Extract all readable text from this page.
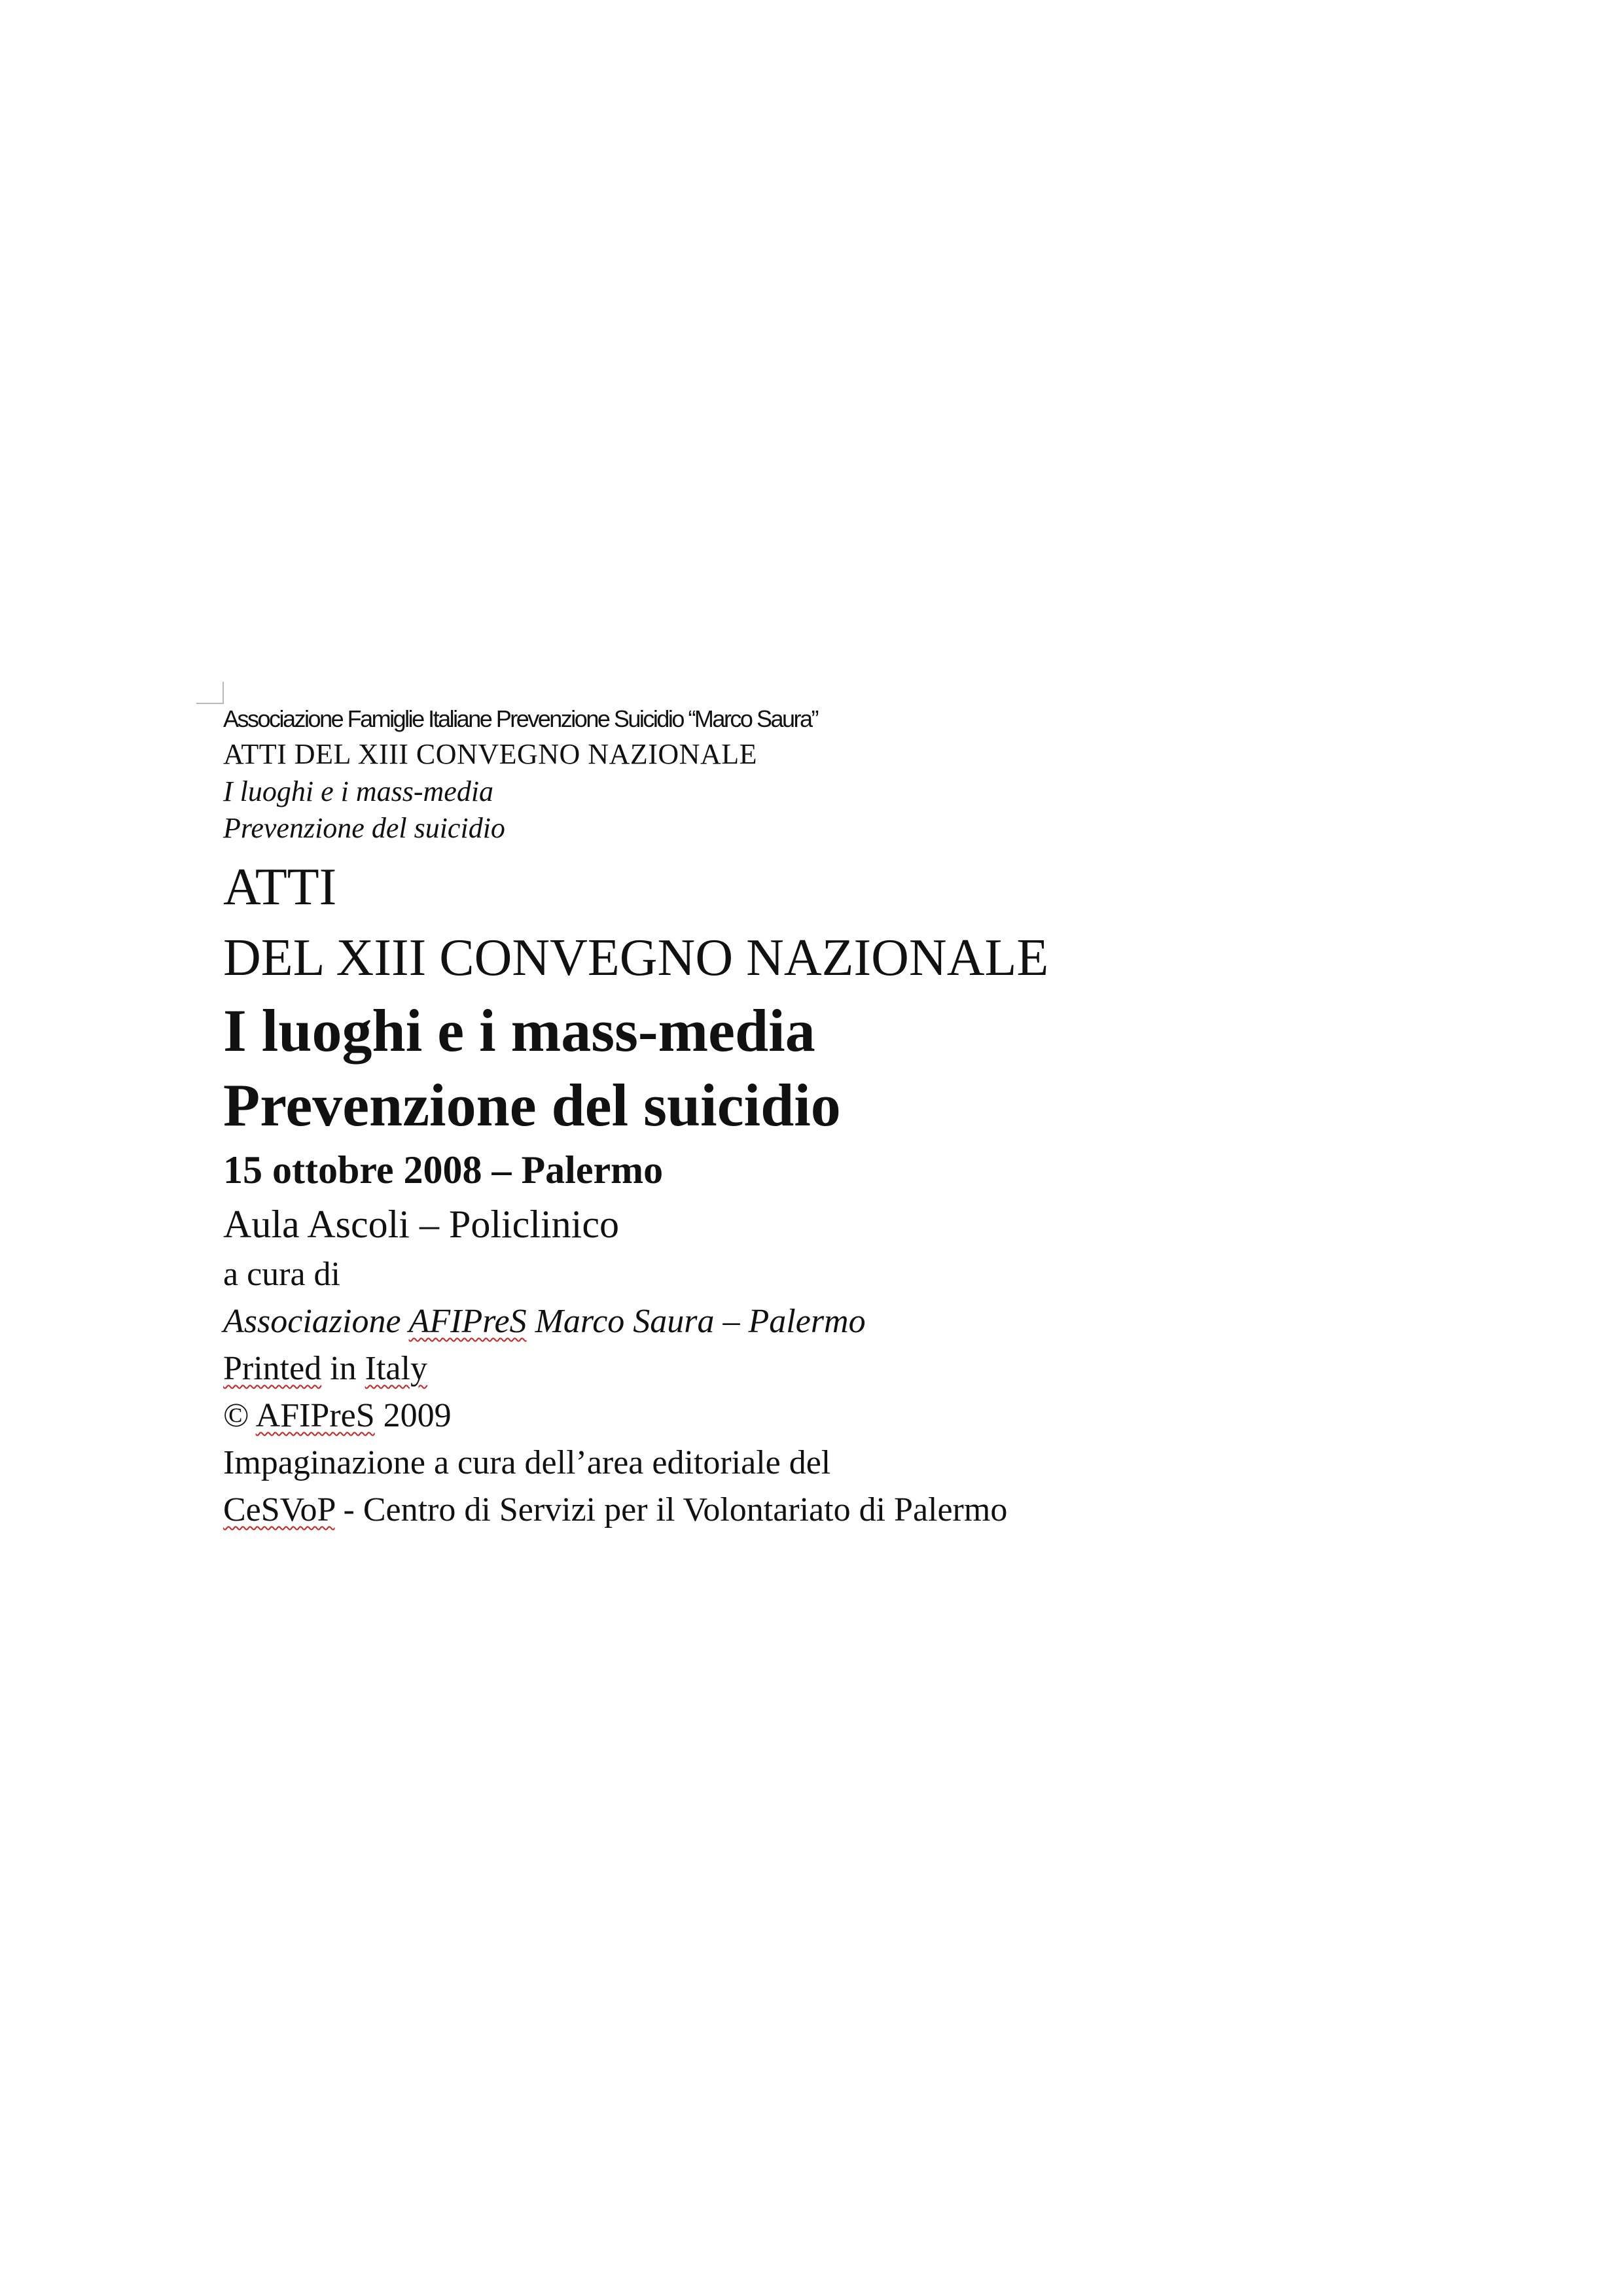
Associazione Famiglie Italiane Prevenzione Suicidio “Marco Saura”
ATTI DEL XIII CONVEGNO NAZIONALE
I luoghi e i mass-media
Prevenzione del suicidio
ATTI
DEL XIII CONVEGNO NAZIONALE
I luoghi e i mass-media
Prevenzione del suicidio
15 ottobre 2008 – Palermo
Aula Ascoli – Policlinico
a cura di
Associazione AFIPreS Marco Saura – Palermo
Printed in Italy
© AFIPreS 2009
Impaginazione a cura dell’area editoriale del
CeSVoP - Centro di Servizi per il Volontariato di Palermo
